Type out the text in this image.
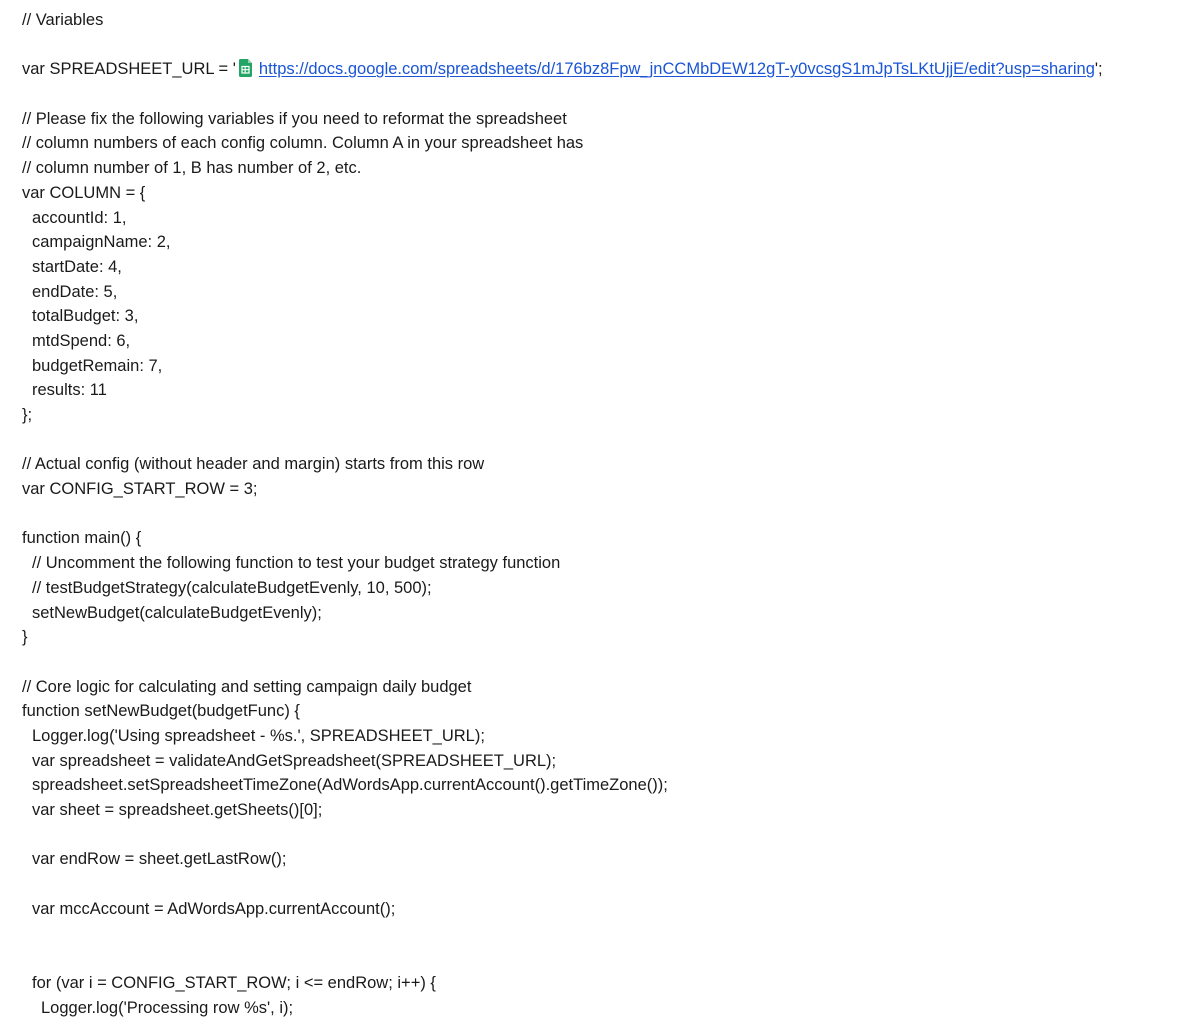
// Variables
var SPREADSHEET_URL = ' https://docs.google.com/spreadsheets/d/176bz8Fpw_jnCCMbDEW12gT-y0vcsgS1mJpTsLKtUjjE/edit?usp=sharing';
// Please fix the following variables if you need to reformat the spreadsheet
// column numbers of each config column. Column A in your spreadsheet has
// column number of 1, B has number of 2, etc.
var COLUMN = {
accountId: 1,
campaignName: 2,
startDate: 4,
endDate: 5,
totalBudget: 3,
mtdSpend: 6,
budgetRemain: 7,
results: 11
};
// Actual config (without header and margin) starts from this row
var CONFIG_START_ROW = 3;
function main() {
// Uncomment the following function to test your budget strategy function
// testBudgetStrategy(calculateBudgetEvenly, 10, 500);
setNewBudget(calculateBudgetEvenly);
}
// Core logic for calculating and setting campaign daily budget
function setNewBudget(budgetFunc) {
Logger.log('Using spreadsheet - %s.', SPREADSHEET_URL);
var spreadsheet = validateAndGetSpreadsheet(SPREADSHEET_URL);
spreadsheet.setSpreadsheetTimeZone(AdWordsApp.currentAccount().getTimeZone());
var sheet = spreadsheet.getSheets()[0];
var endRow = sheet.getLastRow();
var mccAccount = AdWordsApp.currentAccount();
for (var i = CONFIG_START_ROW; i <= endRow; i++) {
Logger.log('Processing row %s', i);
